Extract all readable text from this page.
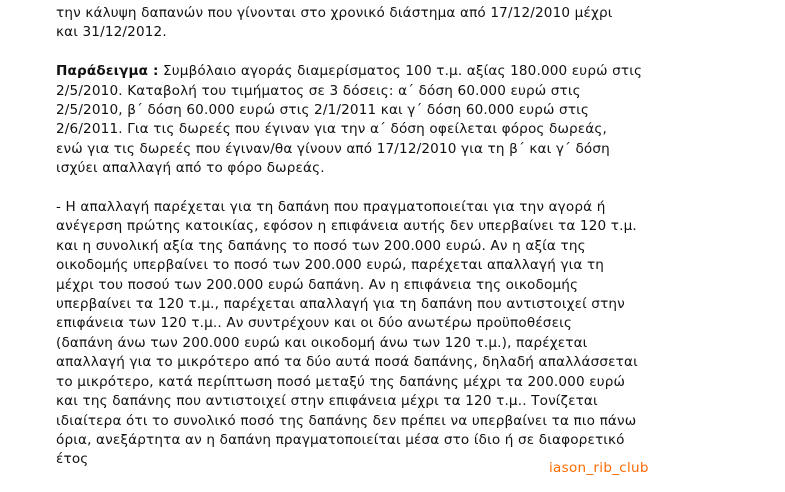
την κάλυψη δαπανών που γίνονται στο χρονικό διάστημα από 17/12/2010 μέχρι
και 31/12/2012.

Παράδειγμα : Συμβόλαιο αγοράς διαμερίσματος 100 τ.μ. αξίας 180.000 ευρώ στις
2/5/2010. Καταβολή του τιμήματος σε 3 δόσεις: α΄ δόση 60.000 ευρώ στις
2/5/2010, β΄ δόση 60.000 ευρώ στις 2/1/2011 και γ΄ δόση 60.000 ευρώ στις
2/6/2011. Για τις δωρεές που έγιναν για την α΄ δόση οφείλεται φόρος δωρεάς,
ενώ για τις δωρεές που έγιναν/θα γίνουν από 17/12/2010 για τη β΄ και γ΄ δόση
ισχύει απαλλαγή από το φόρο δωρεάς.

- Η απαλλαγή παρέχεται για τη δαπάνη που πραγματοποιείται για την αγορά ή
ανέγερση πρώτης κατοικίας, εφόσον η επιφάνεια αυτής δεν υπερβαίνει τα 120 τ.μ.
και η συνολική αξία της δαπάνης το ποσό των 200.000 ευρώ. Αν η αξία της
οικοδομής υπερβαίνει το ποσό των 200.000 ευρώ, παρέχεται απαλλαγή για τη
μέχρι του ποσού των 200.000 ευρώ δαπάνη. Αν η επιφάνεια της οικοδομής
υπερβαίνει τα 120 τ.μ., παρέχεται απαλλαγή για τη δαπάνη που αντιστοιχεί στην
επιφάνεια των 120 τ.μ.. Αν συντρέχουν και οι δύο ανωτέρω προϋποθέσεις
(δαπάνη άνω των 200.000 ευρώ και οικοδομή άνω των 120 τ.μ.), παρέχεται
απαλλαγή για το μικρότερο από τα δύο αυτά ποσά δαπάνης, δηλαδή απαλλάσσεται
το μικρότερο, κατά περίπτωση ποσό μεταξύ της δαπάνης μέχρι τα 200.000 ευρώ
και της δαπάνης που αντιστοιχεί στην επιφάνεια μέχρι τα 120 τ.μ.. Τονίζεται
ιδιαίτερα ότι το συνολικό ποσό της δαπάνης δεν πρέπει να υπερβαίνει τα πιο πάνω
όρια, ανεξάρτητα αν η δαπάνη πραγματοποιείται μέσα στο ίδιο ή σε διαφορετικό
έτος

iason_rib_club
